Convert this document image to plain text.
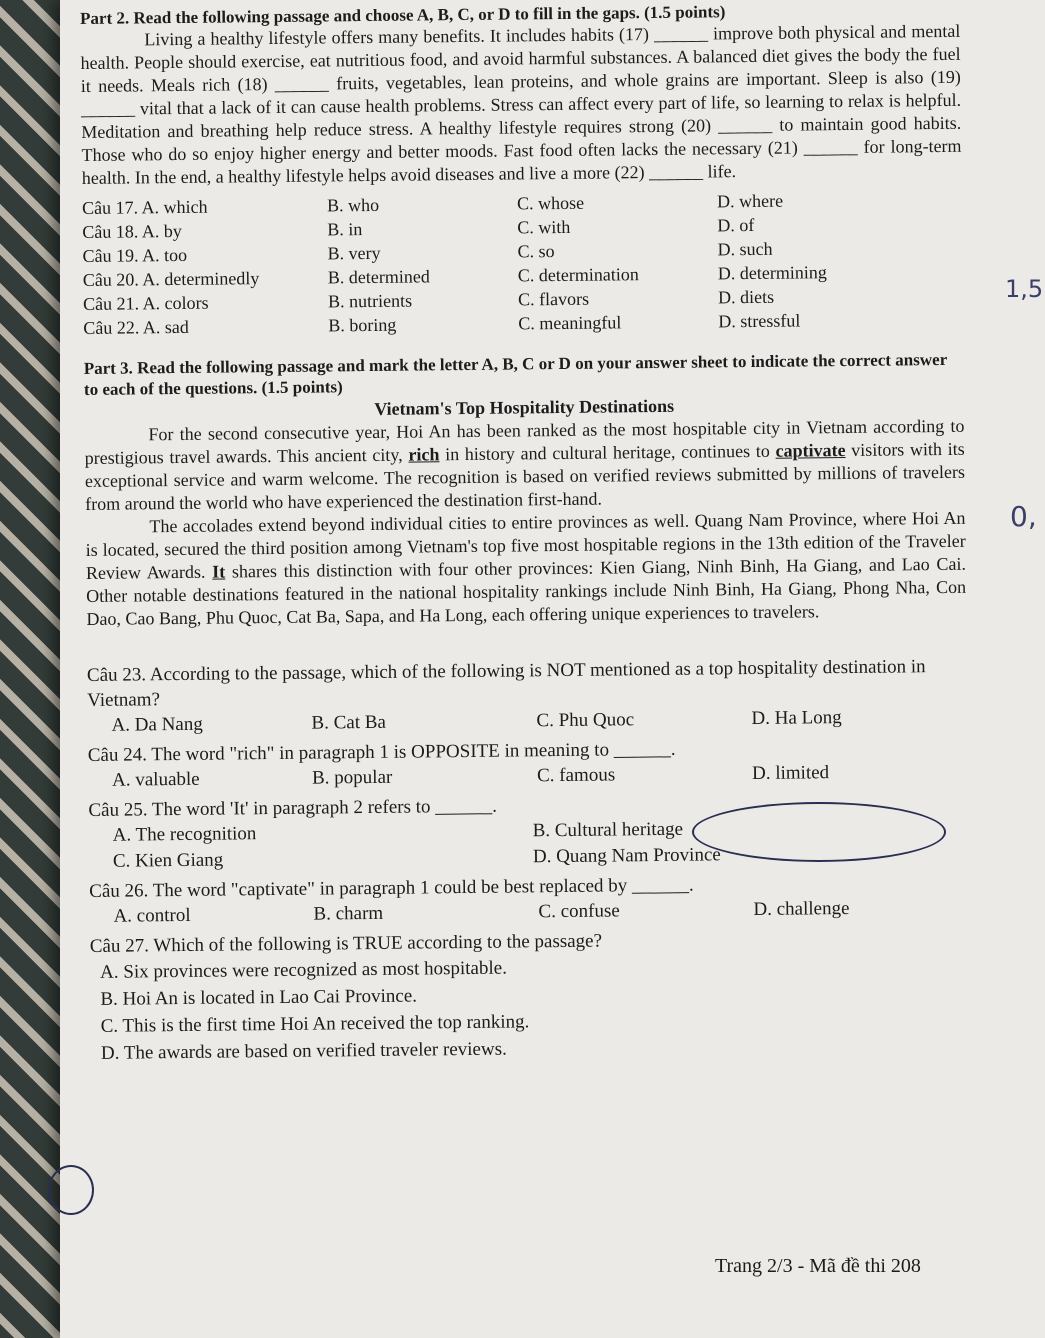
Part 2. Read the following passage and choose A, B, C, or D to fill in the gaps. (1.5 points)

Living a healthy lifestyle offers many benefits. It includes habits (17) ______ improve both physical and mental health. People should exercise, eat nutritious food, and avoid harmful substances. A balanced diet gives the body the fuel it needs. Meals rich (18) ______ fruits, vegetables, lean proteins, and whole grains are important. Sleep is also (19) ______ vital that a lack of it can cause health problems. Stress can affect every part of life, so learning to relax is helpful. Meditation and breathing help reduce stress. A healthy lifestyle requires strong (20) ______ to maintain good habits. Those who do so enjoy higher energy and better moods. Fast food often lacks the necessary (21) ______ for long-term health. In the end, a healthy lifestyle helps avoid diseases and live a more (22) ______ life.

Câu 17. A. which	B. who	C. whose	D. where
Câu 18. A. by	B. in	C. with	D. of
Câu 19. A. too	B. very	C. so	D. such
Câu 20. A. determinedly	B. determined	C. determination	D. determining
Câu 21. A. colors	B. nutrients	C. flavors	D. diets
Câu 22. A. sad	B. boring	C. meaningful	D. stressful

Part 3. Read the following passage and mark the letter A, B, C or D on your answer sheet to indicate the correct answer to each of the questions. (1.5 points)

Vietnam's Top Hospitality Destinations

For the second consecutive year, Hoi An has been ranked as the most hospitable city in Vietnam according to prestigious travel awards. This ancient city, rich in history and cultural heritage, continues to captivate visitors with its exceptional service and warm welcome. The recognition is based on verified reviews submitted by millions of travelers from around the world who have experienced the destination first-hand.

The accolades extend beyond individual cities to entire provinces as well. Quang Nam Province, where Hoi An is located, secured the third position among Vietnam's top five most hospitable regions in the 13th edition of the Traveler Review Awards. It shares this distinction with four other provinces: Kien Giang, Ninh Binh, Ha Giang, and Lao Cai. Other notable destinations featured in the national hospitality rankings include Ninh Binh, Ha Giang, Phong Nha, Con Dao, Cao Bang, Phu Quoc, Cat Ba, Sapa, and Ha Long, each offering unique experiences to travelers.

Câu 23. According to the passage, which of the following is NOT mentioned as a top hospitality destination in Vietnam?

A. Da Nang	B. Cat Ba	C. Phu Quoc	D. Ha Long

Câu 24. The word "rich" in paragraph 1 is OPPOSITE in meaning to ______.

A. valuable	B. popular	C. famous	D. limited

Câu 25. The word 'It' in paragraph 2 refers to ______.

A. The recognition	B. Cultural heritage
C. Kien Giang	D. Quang Nam Province

Câu 26. The word "captivate" in paragraph 1 could be best replaced by ______.

A. control	B. charm	C. confuse	D. challenge

Câu 27. Which of the following is TRUE according to the passage?

A. Six provinces were recognized as most hospitable.

B. Hoi An is located in Lao Cai Province.

C. This is the first time Hoi An received the top ranking.

D. The awards are based on verified traveler reviews.

1,5
0,
Trang 2/3 - Mã đề thi 208
